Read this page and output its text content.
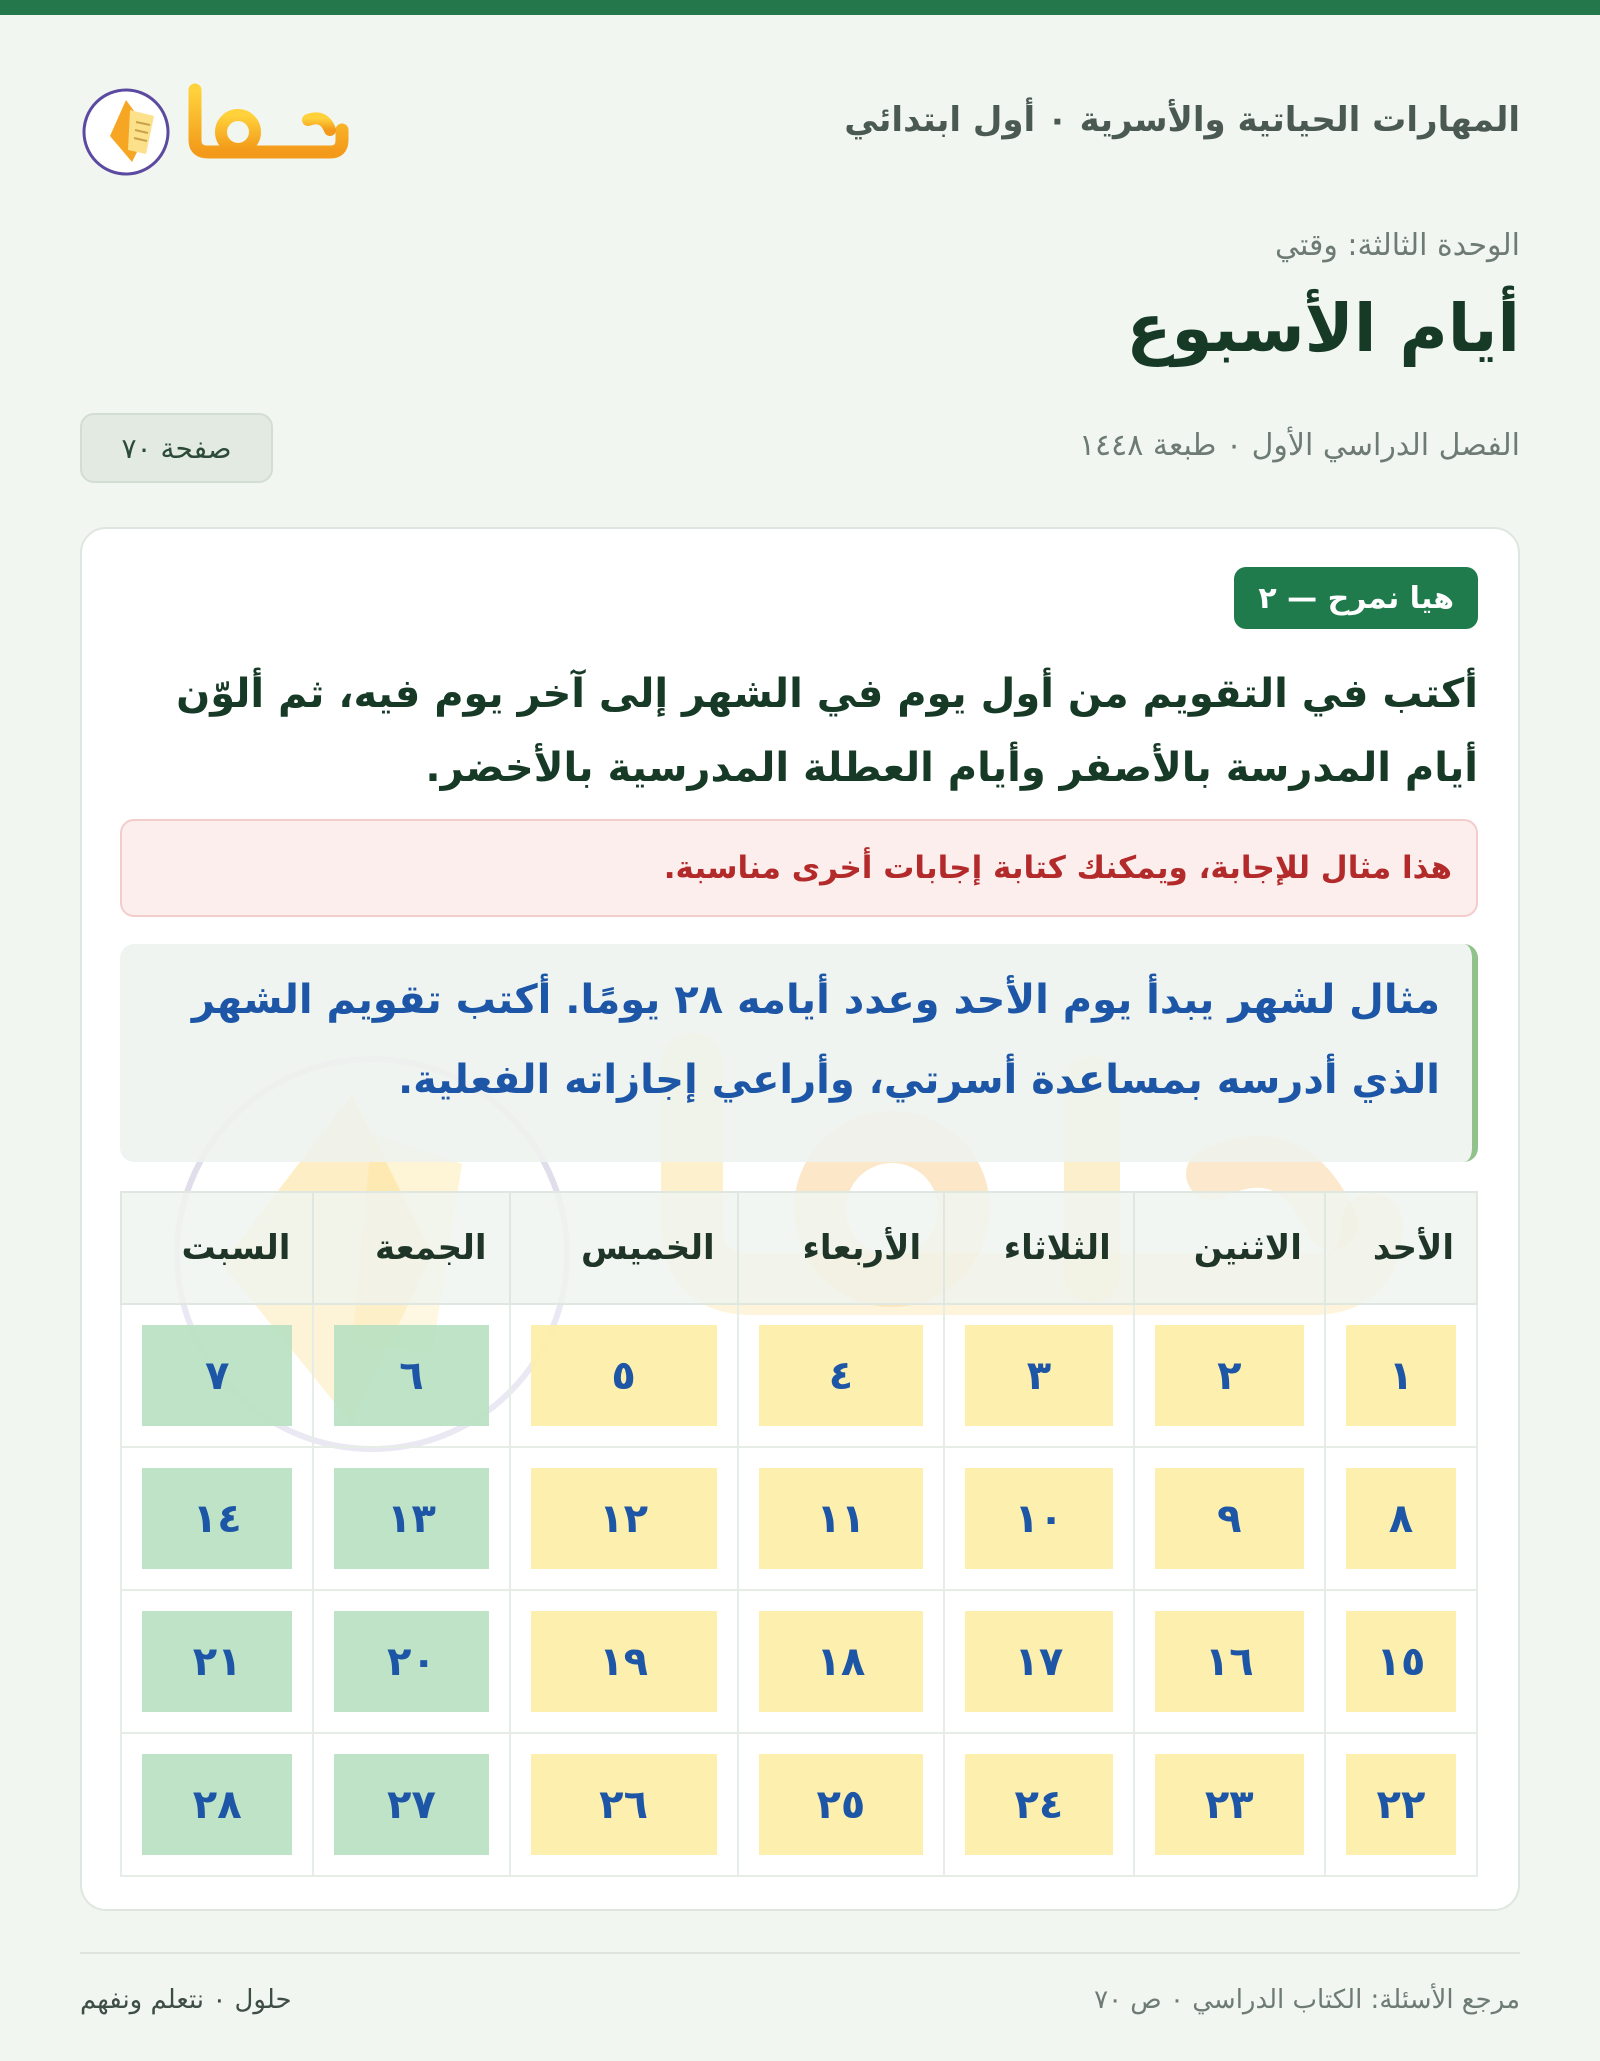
المهارات الحياتية والأسرية ٠ أول ابتدائي
الوحدة الثالثة: وقتي
أيام الأسبوع
الفصل الدراسي الأول ٠ طبعة ١٤٤٨
صفحة ٧٠
هيا نمرح — ٢
أكتب في التقويم من أول يوم في الشهر إلى آخر يوم فيه، ثم ألوّن أيام المدرسة بالأصفر وأيام العطلة المدرسية بالأخضر.
هذا مثال للإجابة، ويمكنك كتابة إجابات أخرى مناسبة.
مثال لشهر يبدأ يوم الأحد وعدد أيامه ٢٨ يومًا. أكتب تقويم الشهر الذي أدرسه بمساعدة أسرتي، وأراعي إجازاته الفعلية.
الأحد	الاثنين	الثلاثاء	الأربعاء	الخميس	الجمعة	السبت

١	٢	٣	٤	٥	٦	٧

٨	٩	١٠	١١	١٢	١٣	١٤

١٥	١٦	١٧	١٨	١٩	٢٠	٢١

٢٢	٢٣	٢٤	٢٥	٢٦	٢٧	٢٨
مرجع الأسئلة: الكتاب الدراسي ٠ ص ٧٠
حلول ٠ نتعلم ونفهم
